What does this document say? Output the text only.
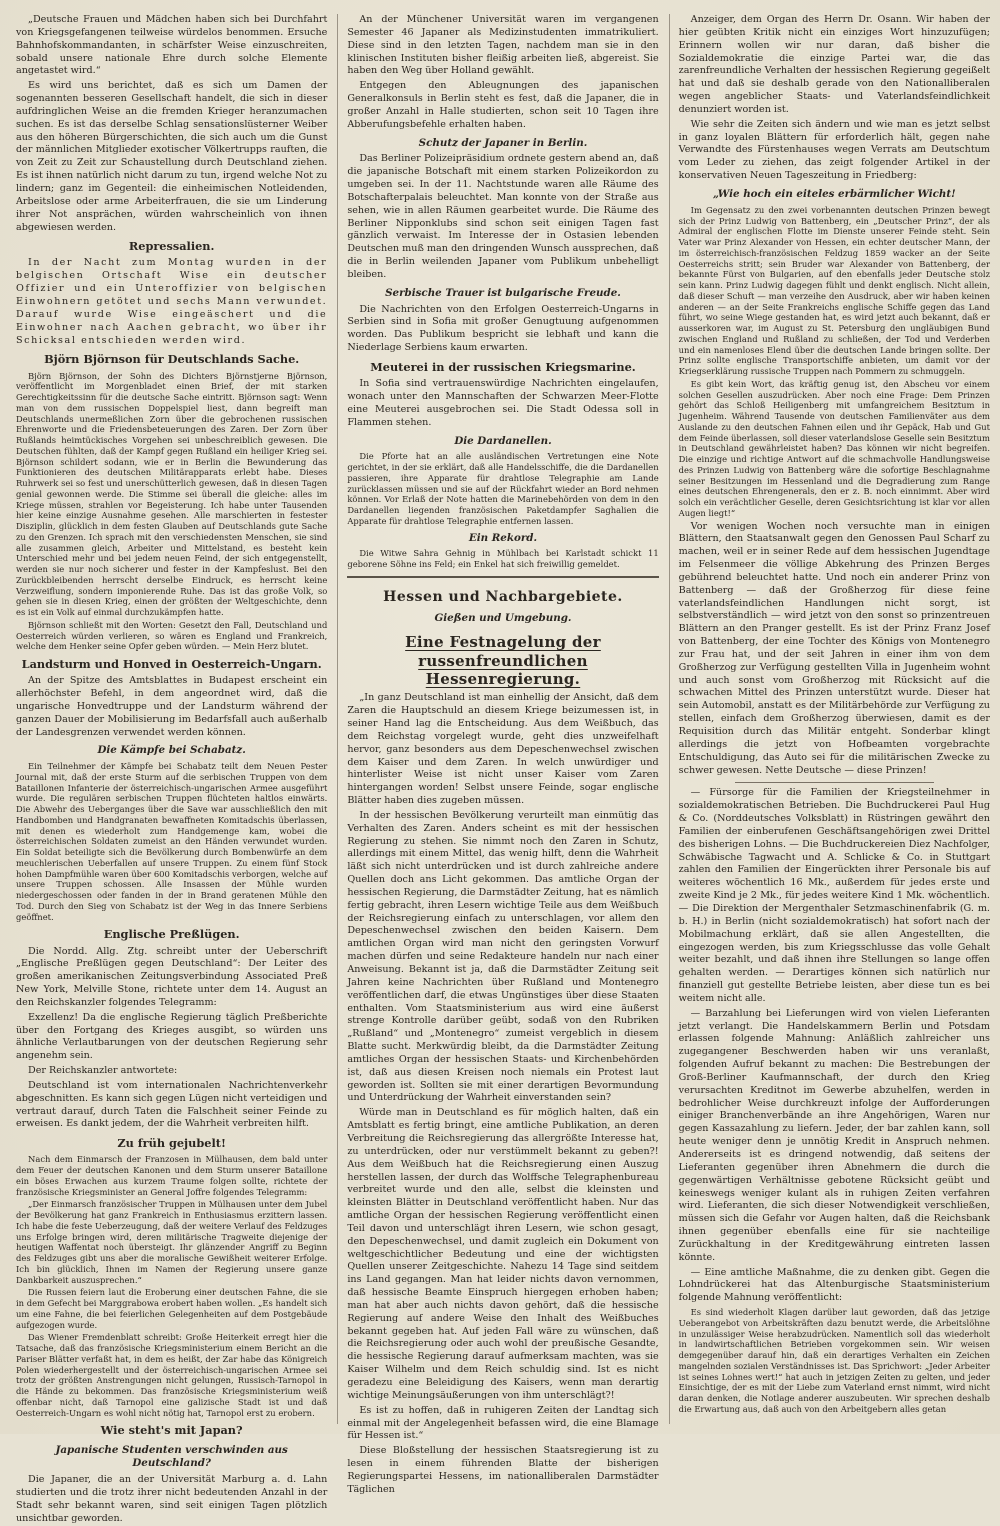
„Deutsche Frauen und Mädchen haben sich bei Durchfahrt von Kriegsgefangenen teilweise würdelos benommen. Ersuche Bahnhofskommandanten, in schärfster Weise einzuschreiten, sobald unsere nationale Ehre durch solche Elemente angetastet wird.“

Es wird uns berichtet, daß es sich um Damen der sogenannten besseren Gesellschaft handelt, die sich in dieser aufdringlichen Weise an die fremden Krieger heranzumachen suchen. Es ist das derselbe Schlag sensationslüsterner Weiber aus den höheren Bürgerschichten, die sich auch um die Gunst der männlichen Mitglieder exotischer Völkertrupps rauften, die von Zeit zu Zeit zur Schaustellung durch Deutschland ziehen. Es ist ihnen natürlich nicht darum zu tun, irgend welche Not zu lindern; ganz im Gegenteil: die einheimischen Notleidenden, Arbeitslose oder arme Arbeiterfrauen, die sie um Linderung ihrer Not ansprächen, würden wahrscheinlich von ihnen abgewiesen werden.

Repressalien.

In der Nacht zum Montag wurden in der belgischen Ortschaft Wise ein deutscher Offizier und ein Unteroffizier von belgischen Einwohnern getötet und sechs Mann verwundet. Darauf wurde Wise eingeäschert und die Einwohner nach Aachen gebracht, wo über ihr Schicksal entschieden werden wird.

Björn Björnson für Deutschlands Sache.

Björn Björnson, der Sohn des Dichters Björnstjerne Björnson, veröffentlicht im Morgenbladet einen Brief, der mit starken Gerechtigkeitssinn für die deutsche Sache eintritt. Björnson sagt: Wenn man von dem russischen Doppelspiel liest, dann begreift man Deutschlands unermeßlichen Zorn über die gebrochenen russischen Ehrenworte und die Friedensbeteuerungen des Zaren. Der Zorn über Rußlands heimtückisches Vorgehen sei unbeschreiblich gewesen. Die Deutschen fühlten, daß der Kampf gegen Rußland ein heiliger Krieg sei. Björnson schildert sodann, wie er in Berlin die Bewunderung das Funktionieren des deutschen Militärapparats erlebt habe. Dieses Ruhrwerk sei so fest und unerschütterlich gewesen, daß in diesen Tagen genial gewonnen werde. Die Stimme sei überall die gleiche: alles im Kriege müssen, strahlen vor Begeisterung. Ich habe unter Tausenden hier keine einzige Ausnahme gesehen. Alle marschierten in festester Disziplin, glücklich in dem festen Glauben auf Deutschlands gute Sache zu den Grenzen. Ich sprach mit den verschiedensten Menschen, sie sind alle zusammen gleich, Arbeiter und Mittelstand, es besteht kein Unterschied mehr und bei jedem neuen Feind, der sich entgegenstellt, werden sie nur noch sicherer und fester in der Kampfeslust. Bei den Zurückbleibenden herrscht derselbe Eindruck, es herrscht keine Verzweiflung, sondern imponierende Ruhe. Das ist das große Volk, so gehen sie in diesen Krieg, einen der größten der Weltgeschichte, denn es ist ein Volk auf einmal durchzukämpfen hatte.

Björnson schließt mit den Worten: Gesetzt den Fall, Deutschland und Oesterreich würden verlieren, so wären es England und Frankreich, welche dem Henker seine Opfer geben würden. — Mein Herz blutet.

Landsturm und Honved in Oesterreich-Ungarn.

An der Spitze des Amtsblattes in Budapest erscheint ein allerhöchster Befehl, in dem angeordnet wird, daß die ungarische Honvedtruppe und der Landsturm während der ganzen Dauer der Mobilisierung im Bedarfsfall auch außerhalb der Landesgrenzen verwendet werden können.

Die Kämpfe bei Schabatz.

Ein Teilnehmer der Kämpfe bei Schabatz teilt dem Neuen Pester Journal mit, daß der erste Sturm auf die serbischen Truppen von dem Bataillonen Infanterie der österreichisch-ungarischen Armee ausgeführt wurde. Die regulären serbischen Truppen flüchteten haltlos einwärts. Die Abwehr des Ueberganges über die Save war ausschließlich den mit Handbomben und Handgranaten bewaffneten Komitadschis überlassen, mit denen es wiederholt zum Handgemenge kam, wobei die österreichischen Soldaten zumeist an den Händen verwundet wurden. Ein Soldat beteiligte sich die Bevölkerung durch Bombenwürfe an dem meuchlerischen Ueberfallen auf unsere Truppen. Zu einem fünf Stock hohen Dampfmühle waren über 600 Komitadschis verborgen, welche auf unsere Truppen schossen. Alle Insassen der Mühle wurden niedergeschossen oder fanden in der in Brand geratenen Mühle den Tod. Durch den Sieg von Schabatz ist der Weg in das Innere Serbiens geöffnet.

Englische Preßlügen.

Die Nordd. Allg. Ztg. schreibt unter der Ueberschrift „Englische Preßlügen gegen Deutschland“: Der Leiter des großen amerikanischen Zeitungsverbindung Associated Preß New York, Melville Stone, richtete unter dem 14. August an den Reichskanzler folgendes Telegramm:

Exzellenz! Da die englische Regierung täglich Preßberichte über den Fortgang des Krieges ausgibt, so würden uns ähnliche Verlautbarungen von der deutschen Regierung sehr angenehm sein.

Der Reichskanzler antwortete:

Deutschland ist vom internationalen Nachrichtenverkehr abgeschnitten. Es kann sich gegen Lügen nicht verteidigen und vertraut darauf, durch Taten die Falschheit seiner Feinde zu erweisen. Es dankt jedem, der die Wahrheit verbreiten hilft.

Zu früh gejubelt!

Nach dem Einmarsch der Franzosen in Mülhausen, dem bald unter dem Feuer der deutschen Kanonen und dem Sturm unserer Bataillone ein böses Erwachen aus kurzem Traume folgen sollte, richtete der französische Kriegsminister an General Joffre folgendes Telegramm:

„Der Einmarsch französischer Truppen in Mülhausen unter dem Jubel der Bevölkerung hat ganz Frankreich in Enthusiasmus erzittern lassen. Ich habe die feste Ueberzeugung, daß der weitere Verlauf des Feldzuges uns Erfolge bringen wird, deren militärische Tragweite diejenige der heutigen Waffentat noch übersteigt. Ihr glänzender Angriff zu Beginn des Feldzuges gibt uns aber die moralische Gewißheit weiterer Erfolge. Ich bin glücklich, Ihnen im Namen der Regierung unsere ganze Dankbarkeit auszusprechen.“

Die Russen feiern laut die Eroberung einer deutschen Fahne, die sie in dem Gefecht bei Marggrabowa erobert haben wollen. „Es handelt sich um eine Fahne, die bei feierlichen Gelegenheiten auf dem Postgebäude aufgezogen wurde.

Das Wiener Fremdenblatt schreibt: Große Heiterkeit erregt hier die Tatsache, daß das französische Kriegsministerium einem Bericht an die Pariser Blätter verfaßt hat, in dem es heißt, der Zar habe das Königreich Polen wiederhergestellt und der österreichisch-ungarischen Armee sei trotz der größten Anstrengungen nicht gelungen, Russisch-Tarnopol in die Hände zu bekommen. Das französische Kriegsministerium weiß offenbar nicht, daß Tarnopol eine galizische Stadt ist und daß Oesterreich-Ungarn es wohl nicht nötig hat, Tarnopol erst zu erobern.

Wie steht's mit Japan?
Japanische Studenten verschwinden aus Deutschland?

Die Japaner, die an der Universität Marburg a. d. Lahn studierten und die trotz ihrer nicht bedeutenden Anzahl in der Stadt sehr bekannt waren, sind seit einigen Tagen plötzlich unsichtbar geworden.

An der Münchener Universität waren im vergangenen Semester 46 Japaner als Medizinstudenten immatrikuliert. Diese sind in den letzten Tagen, nachdem man sie in den klinischen Instituten bisher fleißig arbeiten ließ, abgereist. Sie haben den Weg über Holland gewählt.

Entgegen den Ableugnungen des japanischen Generalkonsuls in Berlin steht es fest, daß die Japaner, die in großer Anzahl in Halle studierten, schon seit 10 Tagen ihre Abberufungsbefehle erhalten haben.

Schutz der Japaner in Berlin.

Das Berliner Polizeipräsidium ordnete gestern abend an, daß die japanische Botschaft mit einem starken Polizeikordon zu umgeben sei. In der 11. Nachtstunde waren alle Räume des Botschafterpalais beleuchtet. Man konnte von der Straße aus sehen, wie in allen Räumen gearbeitet wurde. Die Räume des Berliner Nipponklubs sind schon seit einigen Tagen fast gänzlich verwaist. Im Interesse der in Ostasien lebenden Deutschen muß man den dringenden Wunsch aussprechen, daß die in Berlin weilenden Japaner vom Publikum unbehelligt bleiben.

Serbische Trauer ist bulgarische Freude.

Die Nachrichten von den Erfolgen Oesterreich-Ungarns in Serbien sind in Sofia mit großer Genugtuung aufgenommen worden. Das Publikum bespricht sie lebhaft und kann die Niederlage Serbiens kaum erwarten.

Meuterei in der russischen Kriegsmarine.

In Sofia sind vertrauenswürdige Nachrichten eingelaufen, wonach unter den Mannschaften der Schwarzen Meer-Flotte eine Meuterei ausgebrochen sei. Die Stadt Odessa soll in Flammen stehen.

Die Dardanellen.

Die Pforte hat an alle ausländischen Vertretungen eine Note gerichtet, in der sie erklärt, daß alle Handelsschiffe, die die Dardanellen passieren, ihre Apparate für drahtlose Telegraphie am Lande zurücklassen müssen und sie auf der Rückfahrt wieder an Bord nehmen können. Vor Erlaß der Note hatten die Marinebehörden von dem in den Dardanellen liegenden französischen Paketdampfer Saghalien die Apparate für drahtlose Telegraphie entfernen lassen.

Ein Rekord.

Die Witwe Sahra Gehnig in Mühlbach bei Karlstadt schickt 11 geborene Söhne ins Feld; ein Enkel hat sich freiwillig gemeldet.

Hessen und Nachbargebiete.
Gießen und Umgebung.
Eine Festnagelung der russenfreundlichen Hessenregierung.

„In ganz Deutschland ist man einhellig der Ansicht, daß dem Zaren die Hauptschuld an diesem Kriege beizumessen ist, in seiner Hand lag die Entscheidung. Aus dem Weißbuch, das dem Reichstag vorgelegt wurde, geht dies unzweifelhaft hervor, ganz besonders aus dem Depeschenwechsel zwischen dem Kaiser und dem Zaren. In welch unwürdiger und hinterlister Weise ist nicht unser Kaiser vom Zaren hintergangen worden! Selbst unsere Feinde, sogar englische Blätter haben dies zugeben müssen.

In der hessischen Bevölkerung verurteilt man einmütig das Verhalten des Zaren. Anders scheint es mit der hessischen Regierung zu stehen. Sie nimmt noch den Zaren in Schutz, allerdings mit einem Mittel, das wenig hilft, denn die Wahrheit läßt sich nicht unterdrücken und ist durch zahlreiche andere Quellen doch ans Licht gekommen. Das amtliche Organ der hessischen Regierung, die Darmstädter Zeitung, hat es nämlich fertig gebracht, ihren Lesern wichtige Teile aus dem Weißbuch der Reichsregierung einfach zu unterschlagen, vor allem den Depeschenwechsel zwischen den beiden Kaisern. Dem amtlichen Organ wird man nicht den geringsten Vorwurf machen dürfen und seine Redakteure handeln nur nach einer Anweisung. Bekannt ist ja, daß die Darmstädter Zeitung seit Jahren keine Nachrichten über Rußland und Montenegro veröffentlichen darf, die etwas Ungünstiges über diese Staaten enthalten. Vom Staatsministerium aus wird eine äußerst strenge Kontrolle darüber geübt, sodaß von den Rubriken „Rußland“ und „Montenegro“ zumeist vergeblich in diesem Blatte sucht. Merkwürdig bleibt, da die Darmstädter Zeitung amtliches Organ der hessischen Staats- und Kirchenbehörden ist, daß aus diesen Kreisen noch niemals ein Protest laut geworden ist. Sollten sie mit einer derartigen Bevormundung und Unterdrückung der Wahrheit einverstanden sein?

Würde man in Deutschland es für möglich halten, daß ein Amtsblatt es fertig bringt, eine amtliche Publikation, an deren Verbreitung die Reichsregierung das allergrößte Interesse hat, zu unterdrücken, oder nur verstümmelt bekannt zu geben?! Aus dem Weißbuch hat die Reichsregierung einen Auszug herstellen lassen, der durch das Wolffsche Telegraphenbureau verbreitet wurde und den alle, selbst die kleinsten und kleinsten Blätter in Deutschland veröffentlicht haben. Nur das amtliche Organ der hessischen Regierung veröffentlicht einen Teil davon und unterschlägt ihren Lesern, wie schon gesagt, den Depeschenwechsel, und damit zugleich ein Dokument von weltgeschichtlicher Bedeutung und eine der wichtigsten Quellen unserer Zeitgeschichte. Nahezu 14 Tage sind seitdem ins Land gegangen. Man hat leider nichts davon vernommen, daß hessische Beamte Einspruch hiergegen erhoben haben; man hat aber auch nichts davon gehört, daß die hessische Regierung auf andere Weise den Inhalt des Weißbuches bekannt gegeben hat. Auf jeden Fall wäre zu wünschen, daß die Reichsregierung oder auch wohl der preußische Gesandte, die hessische Regierung darauf aufmerksam machten, was sie Kaiser Wilhelm und dem Reich schuldig sind. Ist es nicht geradezu eine Beleidigung des Kaisers, wenn man derartig wichtige Meinungsäußerungen von ihm unterschlägt?!

Es ist zu hoffen, daß in ruhigeren Zeiten der Landtag sich einmal mit der Angelegenheit befassen wird, die eine Blamage für Hessen ist.“

Diese Bloßstellung der hessischen Staatsregierung ist zu lesen in einem führenden Blatte der bisherigen Regierungspartei Hessens, im nationalliberalen Darmstädter Täglichen

Anzeiger, dem Organ des Herrn Dr. Osann. Wir haben der hier geübten Kritik nicht ein einziges Wort hinzuzufügen; Erinnern wollen wir nur daran, daß bisher die Sozialdemokratie die einzige Partei war, die das zarenfreundliche Verhalten der hessischen Regierung gegeißelt hat und daß sie deshalb gerade von den Nationalliberalen wegen angeblicher Staats- und Vaterlandsfeindlichkeit denunziert worden ist.

Wie sehr die Zeiten sich ändern und wie man es jetzt selbst in ganz loyalen Blättern für erforderlich hält, gegen nahe Verwandte des Fürstenhauses wegen Verrats am Deutschtum vom Leder zu ziehen, das zeigt folgender Artikel in der konservativen Neuen Tageszeitung in Friedberg:

„Wie hoch ein eiteles erbärmlicher Wicht!

Im Gegensatz zu den zwei vorbenannten deutschen Prinzen bewegt sich der Prinz Ludwig von Battenberg, ein „Deutscher Prinz“, der als Admiral der englischen Flotte im Dienste unserer Feinde steht. Sein Vater war Prinz Alexander von Hessen, ein echter deutscher Mann, der im österreichisch-französischen Feldzug 1859 wacker an der Seite Oesterreichs stritt; sein Bruder war Alexander von Battenberg, der bekannte Fürst von Bulgarien, auf den ebenfalls jeder Deutsche stolz sein kann. Prinz Ludwig dagegen fühlt und denkt englisch. Nicht allein, daß dieser Schuft — man verzeihe den Ausdruck, aber wir haben keinen anderen — an der Seite Frankreichs englische Schiffe gegen das Land führt, wo seine Wiege gestanden hat, es wird jetzt auch bekannt, daß er ausserkoren war, im August zu St. Petersburg den ungläubigen Bund zwischen England und Rußland zu schließen, der Tod und Verderben und ein namenloses Elend über die deutschen Lande bringen sollte. Der Prinz sollte englische Transportschiffe anbieten, um damit vor der Kriegserklärung russische Truppen nach Pommern zu schmuggeln.

Es gibt kein Wort, das kräftig genug ist, den Abscheu vor einem solchen Gesellen auszudrücken. Aber noch eine Frage: Dem Prinzen gehört das Schloß Heiligenberg mit umfangreichem Besitztum in Jugenheim. Während Tausende von deutschen Familienväter aus dem Auslande zu den deutschen Fahnen eilen und ihr Gepäck, Hab und Gut dem Feinde überlassen, soll dieser vaterlandslose Geselle sein Besitztum in Deutschland gewährleistet haben? Das können wir nicht begreifen. Die einzige und richtige Antwort auf die schmachvolle Handlungsweise des Prinzen Ludwig von Battenberg wäre die sofortige Beschlagnahme seiner Besitzungen im Hessenland und die Degradierung zum Range eines deutschen Ehrengenerals, den er z. B. noch einnimmt. Aber wird solch ein verächtlicher Geselle, deren Gesichtsrichtung ist klar vor allen Augen liegt!“

Vor wenigen Wochen noch versuchte man in einigen Blättern, den Staatsanwalt gegen den Genossen Paul Scharf zu machen, weil er in seiner Rede auf dem hessischen Jugendtage im Felsenmeer die völlige Abkehrung des Prinzen Berges gebührend beleuchtet hatte. Und noch ein anderer Prinz von Battenberg — daß der Großherzog für diese feine vaterlandsfeindlichen Handlungen nicht sorgt, ist selbstverständlich — wird jetzt von den sonst so prinzentreuen Blättern an den Pranger gestellt. Es ist der Prinz Franz Josef von Battenberg, der eine Tochter des Königs von Montenegro zur Frau hat, und der seit Jahren in einer ihm von dem Großherzog zur Verfügung gestellten Villa in Jugenheim wohnt und auch sonst vom Großherzog mit Rücksicht auf die schwachen Mittel des Prinzen unterstützt wurde. Dieser hat sein Automobil, anstatt es der Militärbehörde zur Verfügung zu stellen, einfach dem Großherzog überwiesen, damit es der Requisition durch das Militär entgeht. Sonderbar klingt allerdings die jetzt von Hofbeamten vorgebrachte Entschuldigung, das Auto sei für die militärischen Zwecke zu schwer gewesen. Nette Deutsche — diese Prinzen!

— Fürsorge für die Familien der Kriegsteilnehmer in sozialdemokratischen Betrieben. Die Buchdruckerei Paul Hug & Co. (Norddeutsches Volksblatt) in Rüstringen gewährt den Familien der einberufenen Geschäftsangehörigen zwei Drittel des bisherigen Lohns. — Die Buchdruckereien Diez Nachfolger, Schwäbische Tagwacht und A. Schlicke & Co. in Stuttgart zahlen den Familien der Eingerückten ihrer Personale bis auf weiteres wöchentlich 16 Mk., außerdem für jedes erste und zweite Kind je 2 Mk., für jedes weitere Kind 1 Mk. wöchentlich. — Die Direktion der Mergenthaler Setzmaschinenfabrik (G. m. b. H.) in Berlin (nicht sozialdemokratisch) hat sofort nach der Mobilmachung erklärt, daß sie allen Angestellten, die eingezogen werden, bis zum Kriegsschlusse das volle Gehalt weiter bezahlt, und daß ihnen ihre Stellungen so lange offen gehalten werden. — Derartiges können sich natürlich nur finanziell gut gestellte Betriebe leisten, aber diese tun es bei weitem nicht alle.

— Barzahlung bei Lieferungen wird von vielen Lieferanten jetzt verlangt. Die Handelskammern Berlin und Potsdam erlassen folgende Mahnung: Anläßlich zahlreicher uns zugegangener Beschwerden haben wir uns veranlaßt, folgenden Aufruf bekannt zu machen: Die Bestrebungen der Groß-Berliner Kaufmannschaft, der durch den Krieg verursachten Kreditnot im Gewerbe abzuhelfen, werden in bedrohlicher Weise durchkreuzt infolge der Aufforderungen einiger Branchenverbände an ihre Angehörigen, Waren nur gegen Kassazahlung zu liefern. Jeder, der bar zahlen kann, soll heute weniger denn je unnötig Kredit in Anspruch nehmen. Andererseits ist es dringend notwendig, daß seitens der Lieferanten gegenüber ihren Abnehmern die durch die gegenwärtigen Verhältnisse gebotene Rücksicht geübt und keineswegs weniger kulant als in ruhigen Zeiten verfahren wird. Lieferanten, die sich dieser Notwendigkeit verschließen, müssen sich die Gefahr vor Augen halten, daß die Reichsbank ihnen gegenüber ebenfalls eine für sie nachteilige Zurückhaltung in der Kreditgewährung eintreten lassen könnte.

— Eine amtliche Maßnahme, die zu denken gibt. Gegen die Lohndrückerei hat das Altenburgische Staatsministerium folgende Mahnung veröffentlicht:

Es sind wiederholt Klagen darüber laut geworden, daß das jetzige Ueberangebot von Arbeitskräften dazu benutzt werde, die Arbeitslöhne in unzulässiger Weise herabzudrücken. Namentlich soll das wiederholt in landwirtschaftlichen Betrieben vorgekommen sein. Wir weisen demgegenüber darauf hin, daß ein derartiges Verhalten ein Zeichen mangelnden sozialen Verständnisses ist. Das Sprichwort: „Jeder Arbeiter ist seines Lohnes wert!“ hat auch in jetzigen Zeiten zu gelten, und jeder Einsichtige, der es mit der Liebe zum Vaterland ernst nimmt, wird nicht daran denken, die Notlage anderer auszubeuten. Wir sprechen deshalb die Erwartung aus, daß auch von den Arbeitgebern alles getan
